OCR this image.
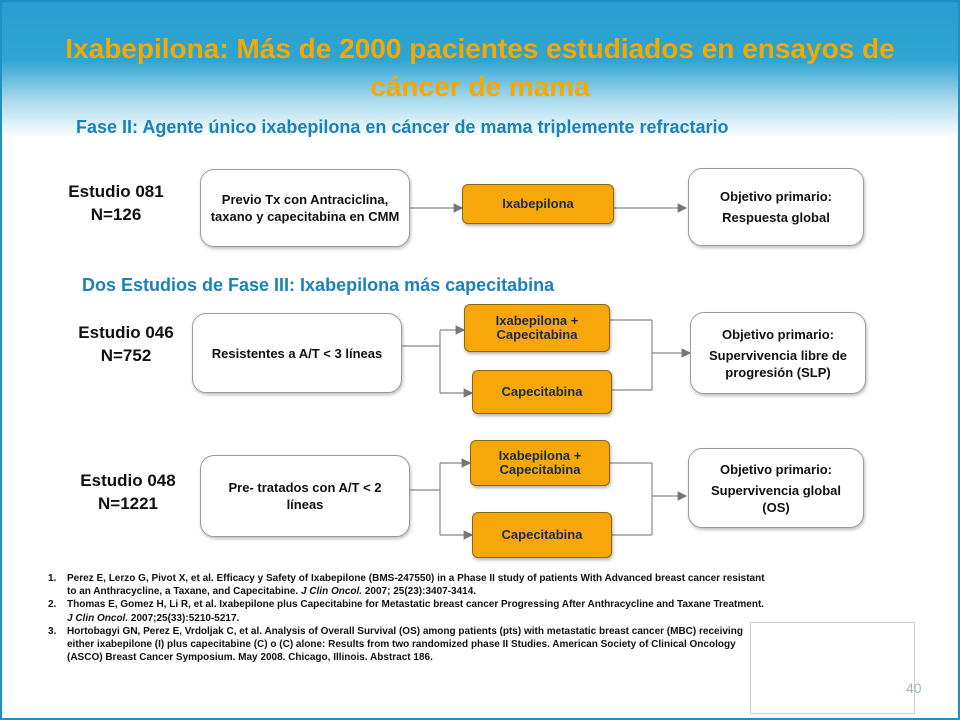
Ixabepilona: Más de 2000 pacientes estudiados en ensayos de cáncer de mama
Fase II: Agente único ixabepilona en cáncer de mama triplemente refractario
Dos Estudios de Fase III: Ixabepilona más capecitabina
Estudio 081
N=126
Previo Tx con Antraciclina, taxano y capecitabina en CMM
Ixabepilona	Objetivo primario:
Respuesta global
Estudio 046
N=752	Resistentes a A/T < 3 líneas
Ixabepilona + Capecitabina
Capecitabina
Objetivo primario:
Supervivencia libre de progresión (SLP)
Estudio 048
N=1221
Pre- tratados con A/T < 2 líneas
Ixabepilona + Capecitabina
Capecitabina
Objetivo primario:
Supervivencia global (OS)
1. Perez E, Lerzo G, Pivot X, et al. Efficacy y Safety of Ixabepilone (BMS-247550) in a Phase II study of patients With Advanced breast cancer resistant to an Anthracycline, a Taxane, and Capecitabine. J Clin Oncol. 2007; 25(23):3407-3414.
2. Thomas E, Gomez H, Li R, et al. Ixabepilone plus Capecitabine for Metastatic breast cancer Progressing After Anthracycline and Taxane Treatment. J Clin Oncol. 2007;25(33):5210-5217.
3. Hortobagyi GN, Perez E, Vrdoljak C, et al. Analysis of Overall Survival (OS) among patients (pts) with metastatic breast cancer (MBC) receiving either ixabepilone (I) plus capecitabine (C) o (C) alone: Results from two randomized phase II Studies. American Society of Clinical Oncology (ASCO) Breast Cancer Symposium. May 2008. Chicago, Illinois. Abstract 186.
40
